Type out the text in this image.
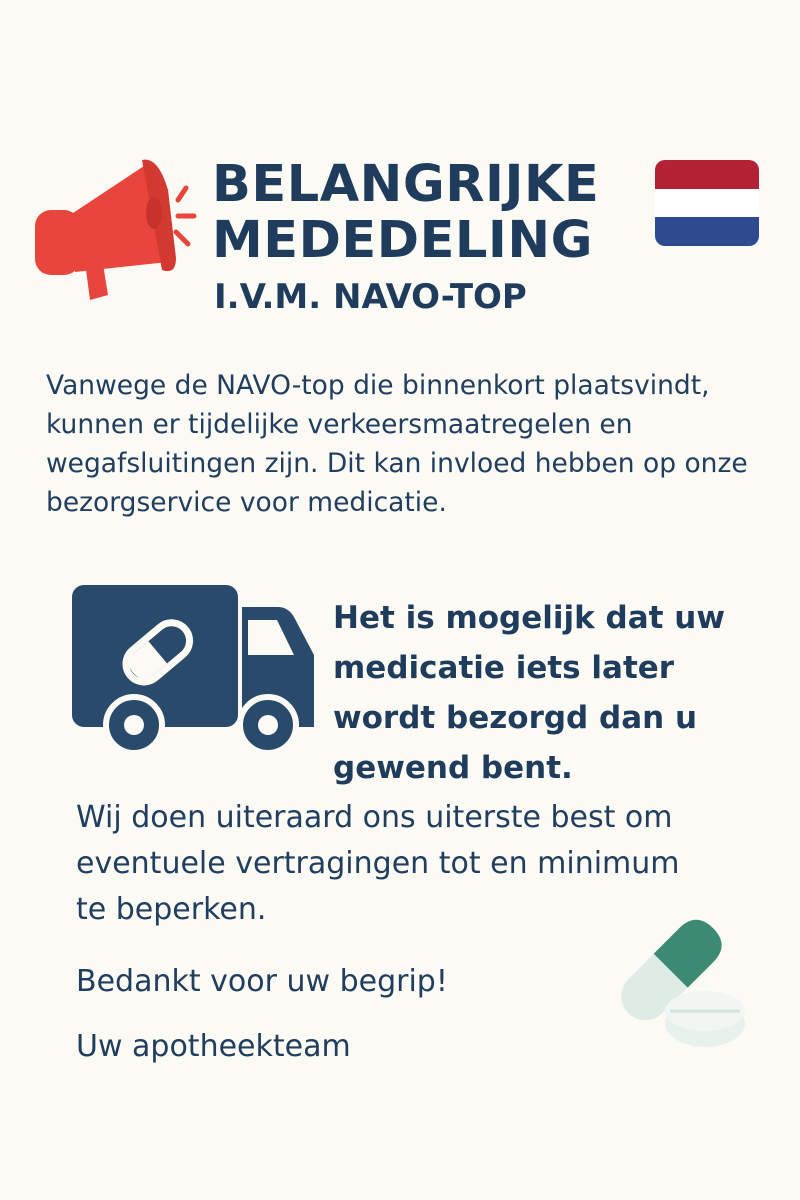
BELANGRIJKE
MEDEDELING
I.V.M. NAVO-TOP

Vanwege de NAVO-top die binnenkort plaatsvindt, kunnen er tijdelijke verkeersmaatregelen en wegafsluitingen zijn. Dit kan invloed hebben op onze bezorgservice voor medicatie.

Het is mogelijk dat uw medicatie iets later wordt bezorgd dan u gewend bent.

Wij doen uiteraard ons uiterste best om eventuele vertragingen tot en minimum te beperken.

Bedankt voor uw begrip!

Uw apotheekteam
